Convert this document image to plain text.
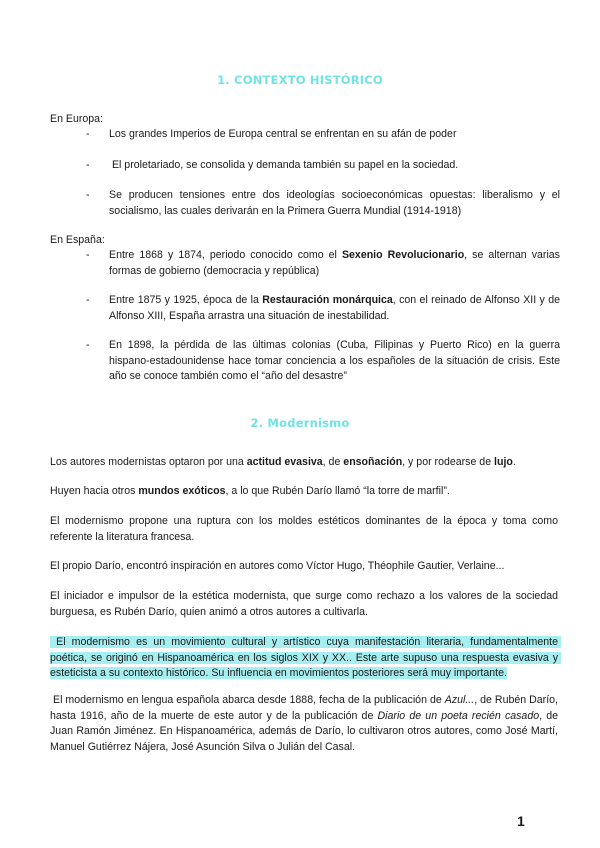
1. CONTEXTO HISTÓRICO
En Europa:

- Los grandes Imperios de Europa central se enfrentan en su afán de poder

- El proletariado, se consolida y demanda también su papel en la sociedad.

- Se producen tensiones entre dos ideologías socioeconómicas opuestas: liberalismo y el socialismo, las cuales derivarán en la Primera Guerra Mundial (1914-1918)

En España:

- Entre 1868 y 1874, periodo conocido como el Sexenio Revolucionario, se alternan varias formas de gobierno (democracia y república)

- Entre 1875 y 1925, época de la Restauración monárquica, con el reinado de Alfonso XII y de Alfonso XIII, España arrastra una situación de inestabilidad.

- En 1898, la pérdida de las últimas colonias (Cuba, Filipinas y Puerto Rico) en la guerra hispano-estadounidense hace tomar conciencia a los españoles de la situación de crisis. Este año se conoce también como el “año del desastre”

2. Modernismo

Los autores modernistas optaron por una actitud evasiva, de ensoñación, y por rodearse de lujo.

Huyen hacia otros mundos exóticos, a lo que Rubén Darío llamó “la torre de marfil”.

El modernismo propone una ruptura con los moldes estéticos dominantes de la época y toma como referente la literatura francesa.

El propio Darío, encontró inspiración en autores como Víctor Hugo, Théophile Gautier, Verlaine...

El iniciador e impulsor de la estética modernista, que surge como rechazo a los valores de la sociedad burguesa, es Rubén Darío, quien animó a otros autores a cultivarla.

El modernismo es un movimiento cultural y artístico cuya manifestación literaria, fundamentalmente poética, se originó en Hispanoamérica en los siglos XIX y XX.. Este arte supuso una respuesta evasiva y esteticista a su contexto histórico. Su influencia en movimientos posteriores será muy importante.

El modernismo en lengua española abarca desde 1888, fecha de la publicación de Azul..., de Rubén Darío, hasta 1916, año de la muerte de este autor y de la publicación de Diario de un poeta recién casado, de Juan Ramón Jiménez. En Hispanoamérica, además de Darío, lo cultivaron otros autores, como José Martí, Manuel Gutiérrez Nájera, José Asunción Silva o Julián del Casal.

1
